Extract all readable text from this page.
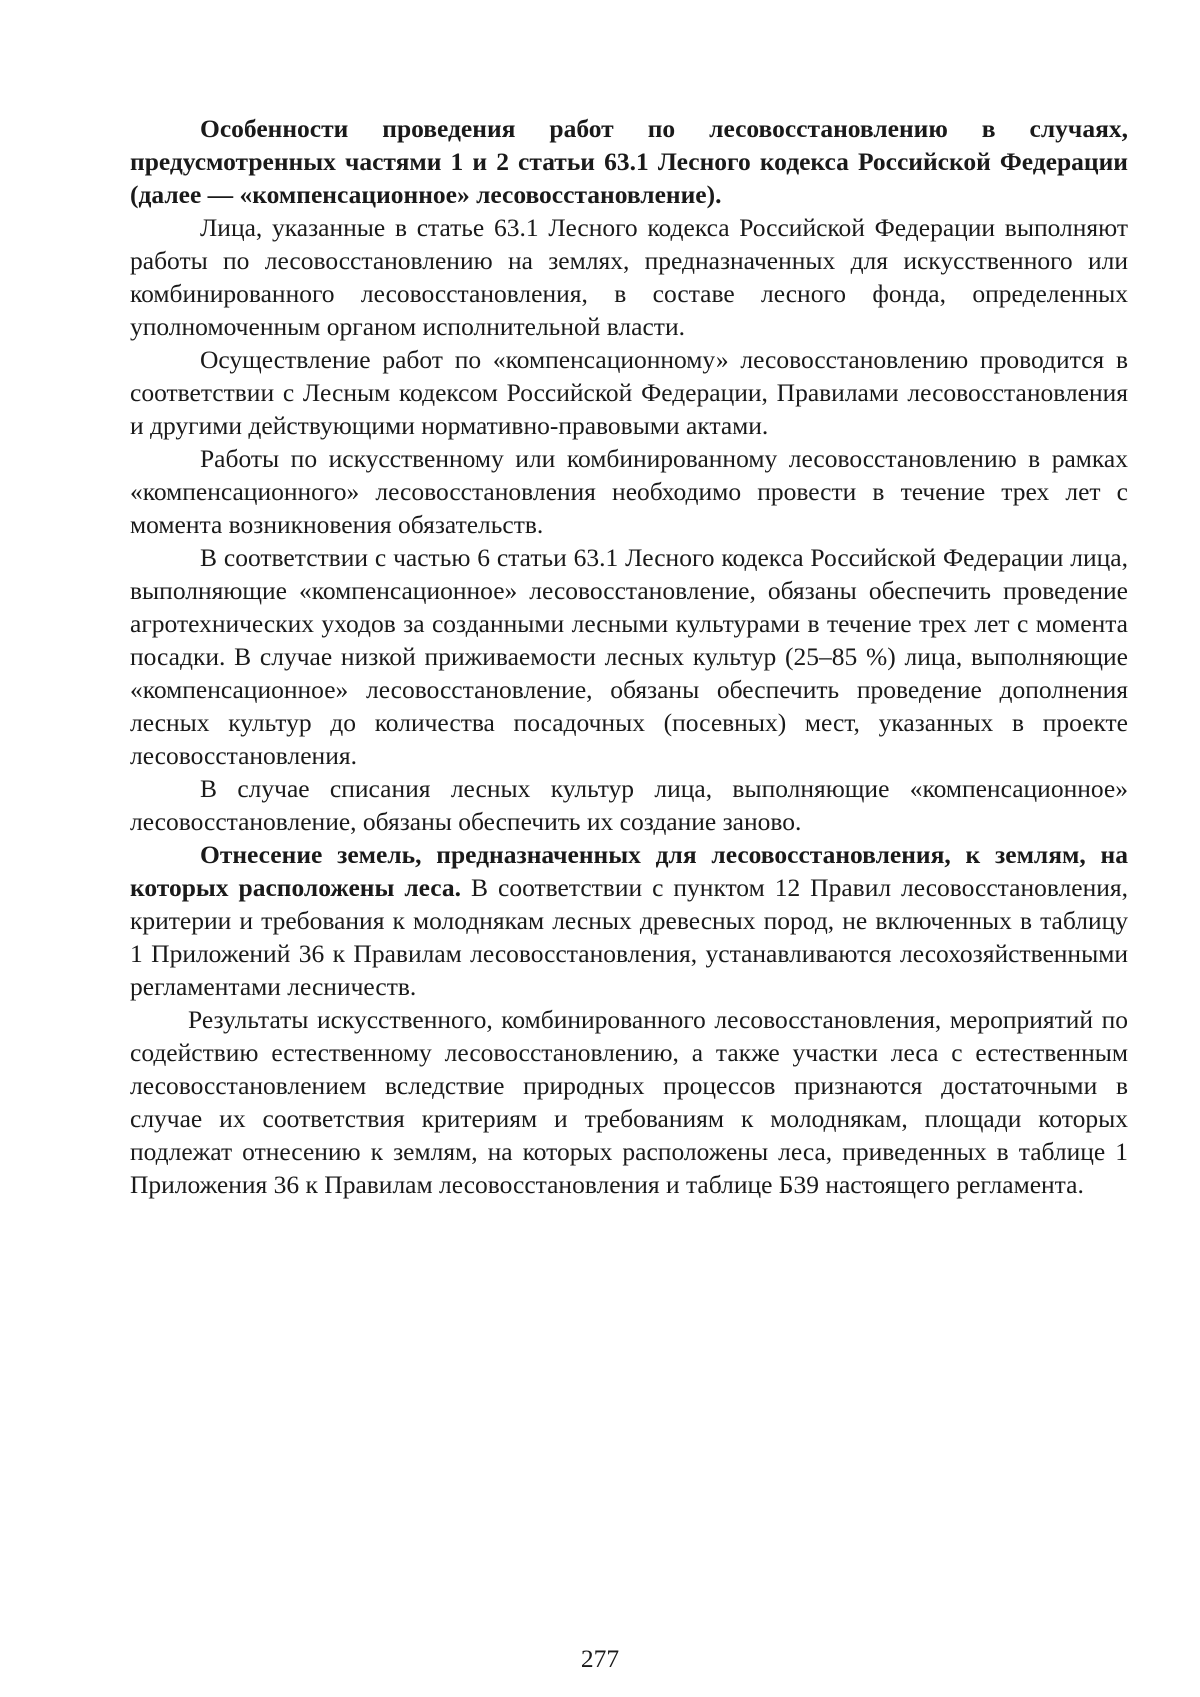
Особенности проведения работ по лесовосстановлению в случаях, предусмотренных частями 1 и 2 статьи 63.1 Лесного кодекса Российской Федерации (далее — «компенсационное» лесовосстановление).

Лица, указанные в статье 63.1 Лесного кодекса Российской Федерации выполняют работы по лесовосстановлению на землях, предназначенных для искусственного или комбинированного лесовосстановления, в составе лесного фонда, определенных уполномоченным органом исполнительной власти.

Осуществление работ по «компенсационному» лесовосстановлению проводится в соответствии с Лесным кодексом Российской Федерации, Правилами лесовосстановления и другими действующими нормативно-правовыми актами.

Работы по искусственному или комбинированному лесовосстановлению в рамках «компенсационного» лесовосстановления необходимо провести в течение трех лет с момента возникновения обязательств.

В соответствии с частью 6 статьи 63.1 Лесного кодекса Российской Федерации лица, выполняющие «компенсационное» лесовосстановление, обязаны обеспечить проведение агротехнических уходов за созданными лесными культурами в течение трех лет с момента посадки. В случае низкой приживаемости лесных культур (25–85 %) лица, выполняющие «компенсационное» лесовосстановление, обязаны обеспечить проведение дополнения лесных культур до количества посадочных (посевных) мест, указанных в проекте лесовосстановления.

В случае списания лесных культур лица, выполняющие «компенсационное» лесовосстановление, обязаны обеспечить их создание заново.

Отнесение земель, предназначенных для лесовосстановления, к землям, на которых расположены леса. В соответствии с пунктом 12 Правил лесовосстановления, критерии и требования к молоднякам лесных древесных пород, не включенных в таблицу 1 Приложений 36 к Правилам лесовосстановления, устанавливаются лесохозяйственными регламентами лесничеств.

Результаты искусственного, комбинированного лесовосстановления, мероприятий по содействию естественному лесовосстановлению, а также участки леса с естественным лесовосстановлением вследствие природных процессов признаются достаточными в случае их соответствия критериям и требованиям к молоднякам, площади которых подлежат отнесению к землям, на которых расположены леса, приведенных в таблице 1 Приложения 36 к Правилам лесовосстановления и таблице Б39 настоящего регламента.

277
